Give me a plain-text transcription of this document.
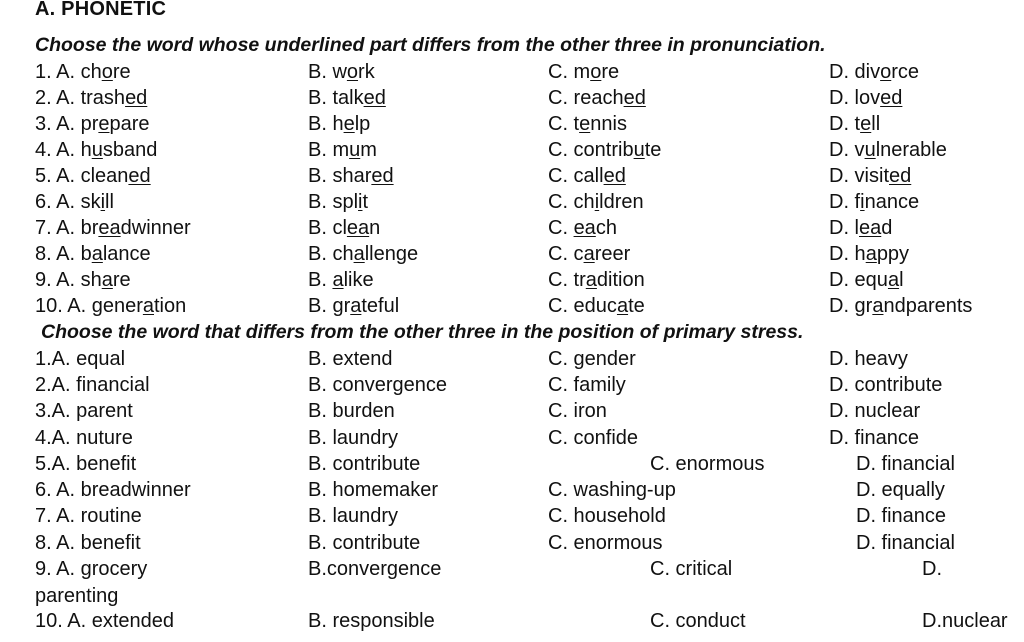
A. PHONETIC
Choose the word whose underlined part differs from the other three in pronunciation.
1. A. chore	B. work	C. more	D. divorce
2. A. trashed	B. talked	C. reached	D. loved
3. A. prepare	B. help	C. tennis	D. tell
4. A. husband	B. mum	C. contribute	D. vulnerable
5. A. cleaned	B. shared	C. called	D. visited
6. A. skill	B. split	C. children	D. finance
7. A. breadwinner	B. clean	C. each	D. lead
8. A. balance	B. challenge	C. career	D. happy
9. A. share	B. alike	C. tradition	D. equal
10. A. generation	B. grateful	C. educate	D. grandparents
Choose the word that differs from the other three in the position of primary stress.
1.A. equal	B. extend	C. gender	D. heavy
2.A. financial	B. convergence	C. family	D. contribute
3.A. parent	B. burden	C. iron	D. nuclear
4.A. nuture	B. laundry	C. confide	D. finance
5.A. benefit	B. contribute	C. enormous	D. financial
6. A. breadwinner	B. homemaker	C. washing-up	D. equally
7. A. routine	B. laundry	C. household	D. finance
8. A. benefit	B. contribute	C. enormous	D. financial
9. A. grocery	B.convergence	C. critical	D.
parenting
10. A. extended	B. responsible	C. conduct	D.nuclear
